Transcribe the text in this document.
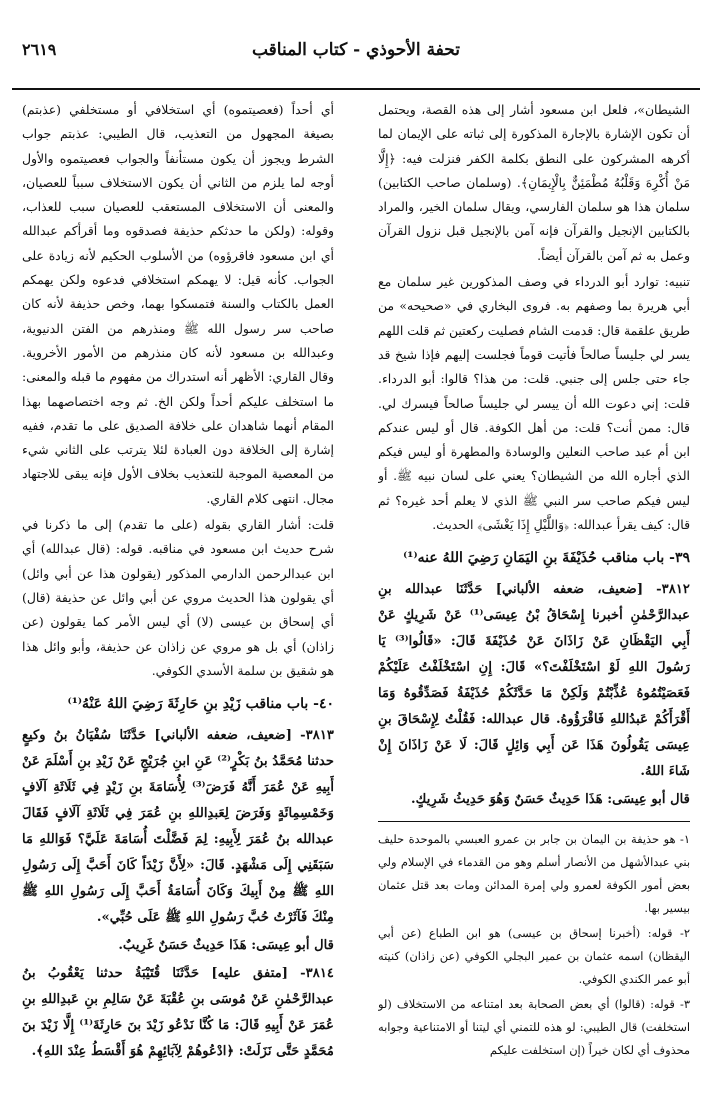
٢٦١٩	تحفة الأحوذي - كتاب المناقب

الشيطان»، فلعل ابن مسعود أشار إلى هذه القصة، ويحتمل أن تكون الإشارة بالإجارة المذكورة إلى ثباته على الإيمان لما أكرهه المشركون على النطق بكلمة الكفر فنزلت فيه: ﴿إِلَّا مَنْ أُكْرِهَ وَقَلْبُهُ مُطْمَئِنٌّ بِالْإِيمَانِ﴾. (وسلمان صاحب الكتابين) سلمان هذا هو سلمان الفارسي، ويقال سلمان الخير، والمراد بالكتابين الإنجيل والقرآن فإنه آمن بالإنجيل قبل نزول القرآن وعمل به ثم آمن بالقرآن أيضاً.

تنبيه: توارد أبو الدرداء في وصف المذكورين غير سلمان مع أبي هريرة بما وصفهم به. فروى البخاري في «صحيحه» من طريق علقمة قال: قدمت الشام فصليت ركعتين ثم قلت اللهم يسر لي جليساً صالحاً فأتيت قوماً فجلست إليهم فإذا شيخ قد جاء حتى جلس إلى جنبي. قلت: من هذا؟ قالوا: أبو الدرداء. قلت: إني دعوت الله أن ييسر لي جليساً صالحاً فيسرك لي. قال: ممن أنت؟ قلت: من أهل الكوفة. قال أو ليس عندكم ابن أم عبد صاحب النعلين والوسادة والمطهرة أو ليس فيكم الذي أجاره الله من الشيطان؟ يعني على لسان نبيه ﷺ. أو ليس فيكم صاحب سر النبي ﷺ الذي لا يعلم أحد غيره؟ ثم قال: كيف يقرأ عبدالله: ﴿وَاللَّيْلِ إِذَا يَغْشَى﴾ الحديث.

٣٩- باب مناقب حُذَيْفَةَ بنِ اليَمَانِ رَضِيَ اللهُ عنه⁽¹⁾

٣٨١٢- [ضعيف، ضعفه الألباني] حَدَّثَنَا عبدالله بنِ عبدالرَّحْمٰنِ أخبرنا إِسْحَاقُ بْنُ عِيسَى⁽¹⁾ عَنْ شَرِيكٍ عَنْ أَبِي اليَقْظَانِ عَنْ زَاذَانَ عَنْ حُذَيْفَةَ قَالَ: «قَالُوا⁽³⁾ يَا رَسُولَ اللهِ لَوْ اسْتَخْلَفْتَ؟» قَالَ: إِنِ اسْتَخْلَفْتُ عَلَيْكُمْ فَعَصَيْتُمُوهُ عُذِّبْتُمْ وَلَكِنْ مَا حَدَّثَكُمْ حُذَيْفَةُ فَصَدِّقُوهُ وَمَا أَقْرَأَكُمْ عَبدُاللهِ فَاقْرَؤُوهُ. قال عبدالله: فَقُلْتُ لِإِسْحَاقَ بنِ عِيسَى يَقُولُونَ هَذَا عَن أَبِي وَائِلٍ قَالَ: لَا عَنْ زَاذَانَ إِنْ شَاءَ اللهُ.

قال أبو عِيسَى: هَذَا حَدِيثٌ حَسَنٌ وَهُوَ حَدِيثُ شَرِيكٍ.

١- هو حذيفة بن اليمان بن جابر بن عمرو العبسي بالموحدة حليف بني عبدالأشهل من الأنصار أسلم وهو من القدماء في الإسلام ولي بعض أمور الكوفة لعمرو ولي إمرة المدائن ومات بعد قتل عثمان بيسير بها.

٢- قوله: (أخبرنا إسحاق بن عيسى) هو ابن الطباع (عن أبي اليقظان) اسمه عثمان بن عمير البجلي الكوفي (عن زاذان) كنيته أبو عمر الكندي الكوفي.

٣- قوله: (قالوا) أي بعض الصحابة بعد امتناعه من الاستخلاف (لو استخلفت) قال الطيبي: لو هذه للتمني أي ليتنا أو الامتناعية وجوابه محذوف أي لكان خيراً (إن استخلفت عليكم

أي أحداً (فعصيتموه) أي استخلافي أو مستخلفي (عذبتم) بصيغة المجهول من التعذيب، قال الطيبي: عذبتم جواب الشرط ويجوز أن يكون مستأنفاً والجواب فعصيتموه والأول أوجه لما يلزم من الثاني أن يكون الاستخلاف سبباً للعصيان، والمعنى أن الاستخلاف المستعقب للعصيان سبب للعذاب، وقوله: (ولكن ما حدثكم حذيفة فصدقوه وما أقرأكم عبدالله أي ابن مسعود فاقرؤوه) من الأسلوب الحكيم لأنه زيادة على الجواب. كأنه قيل: لا يهمكم استخلافي فدعوه ولكن يهمكم العمل بالكتاب والسنة فتمسكوا بهما، وخص حذيفة لأنه كان صاحب سر رسول الله ﷺ ومنذرهم من الفتن الدنيوية، وعبدالله بن مسعود لأنه كان منذرهم من الأمور الأخروية. وقال القاري: الأظهر أنه استدراك من مفهوم ما قبله والمعنى: ما استخلف عليكم أحداً ولكن الخ. ثم وجه اختصاصهما بهذا المقام أنهما شاهدان على خلافة الصديق على ما تقدم، ففيه إشارة إلى الخلافة دون العبادة لئلا يترتب على الثاني شيء من المعصية الموجبة للتعذيب بخلاف الأول فإنه يبقى للاجتهاد مجال. انتهى كلام القاري.

قلت: أشار القاري بقوله (على ما تقدم) إلى ما ذكرنا في شرح حديث ابن مسعود في مناقبه. قوله: (قال عبدالله) أي ابن عبدالرحمن الدارمي المذكور (يقولون هذا عن أبي وائل) أي يقولون هذا الحديث مروي عن أبي وائل عن حذيفة (قال) أي إسحاق بن عيسى (لا) أي ليس الأمر كما يقولون (عن زاذان) أي بل هو مروي عن زاذان عن حذيفة، وأبو وائل هذا هو شقيق بن سلمة الأسدي الكوفي.

٤٠- باب مناقب زَيْدِ بنِ حَارِثَةَ رَضِيَ اللهُ عَنْهُ⁽¹⁾

٣٨١٣- [ضعيف، ضعفه الألباني] حَدَّثَنَا سُفْيَانُ بنُ وكيعٍ حدثنا مُحَمَّدُ بنُ بَكْرٍ⁽²⁾ عَنِ ابنِ جُرَيْجٍ عَنْ زَيْدِ بنِ أَسْلَمَ عَنْ أَبِيهِ عَنْ عُمَرَ أَنَّهُ فَرَضَ⁽³⁾ لِأُسَامَةَ بنِ زَيْدٍ فِي ثَلَاثَةِ آلَافٍ وَخَمْسِمِائَةٍ وَفَرَضَ لِعَبدِاللهِ بنِ عُمَرَ فِي ثَلَاثَةِ آلَافٍ فَقَالَ عبدالله بنُ عُمَرَ لِأَبِيهِ: لِمَ فَضَّلْتَ أُسَامَةَ عَلَيَّ؟ فَوَاللهِ مَا سَبَقَنِي إِلَى مَشْهَدٍ. قَالَ: «لِأَنَّ زَيْدَاً كَانَ أَحَبَّ إِلَى رَسُولِ اللهِ ﷺ مِنْ أَبِيكَ وَكَانَ أُسَامَةُ أَحَبَّ إِلَى رَسُولِ اللهِ ﷺ مِنْكَ فَآثَرْتُ حُبَّ رَسُولِ اللهِ ﷺ عَلَى حُبِّي».

قال أبو عِيسَى: هَذَا حَدِيثٌ حَسَنٌ غَرِيبٌ.

٣٨١٤- [متفق عليه] حَدَّثَنَا قُتَيْبَةُ حدثنا يَعْقُوبُ بنُ عبدالرَّحْمٰنِ عَنْ مُوسَى بنِ عُقْبَةَ عَنْ سَالِمِ بنِ عَبدِاللهِ بنِ عُمَرَ عَنْ أَبِيهِ قَالَ: مَا كُنَّا نَدْعُو زَيْدَ بنَ حَارِثَةَ⁽¹⁾ إِلَّا زَيْدَ بنَ مُحَمَّدٍ حَتَّى نَزَلَتْ: ﴿ادْعُوهُمْ لِآبَائِهِمْ هُوَ أَقْسَطُ عِنْدَ اللهِ﴾.
